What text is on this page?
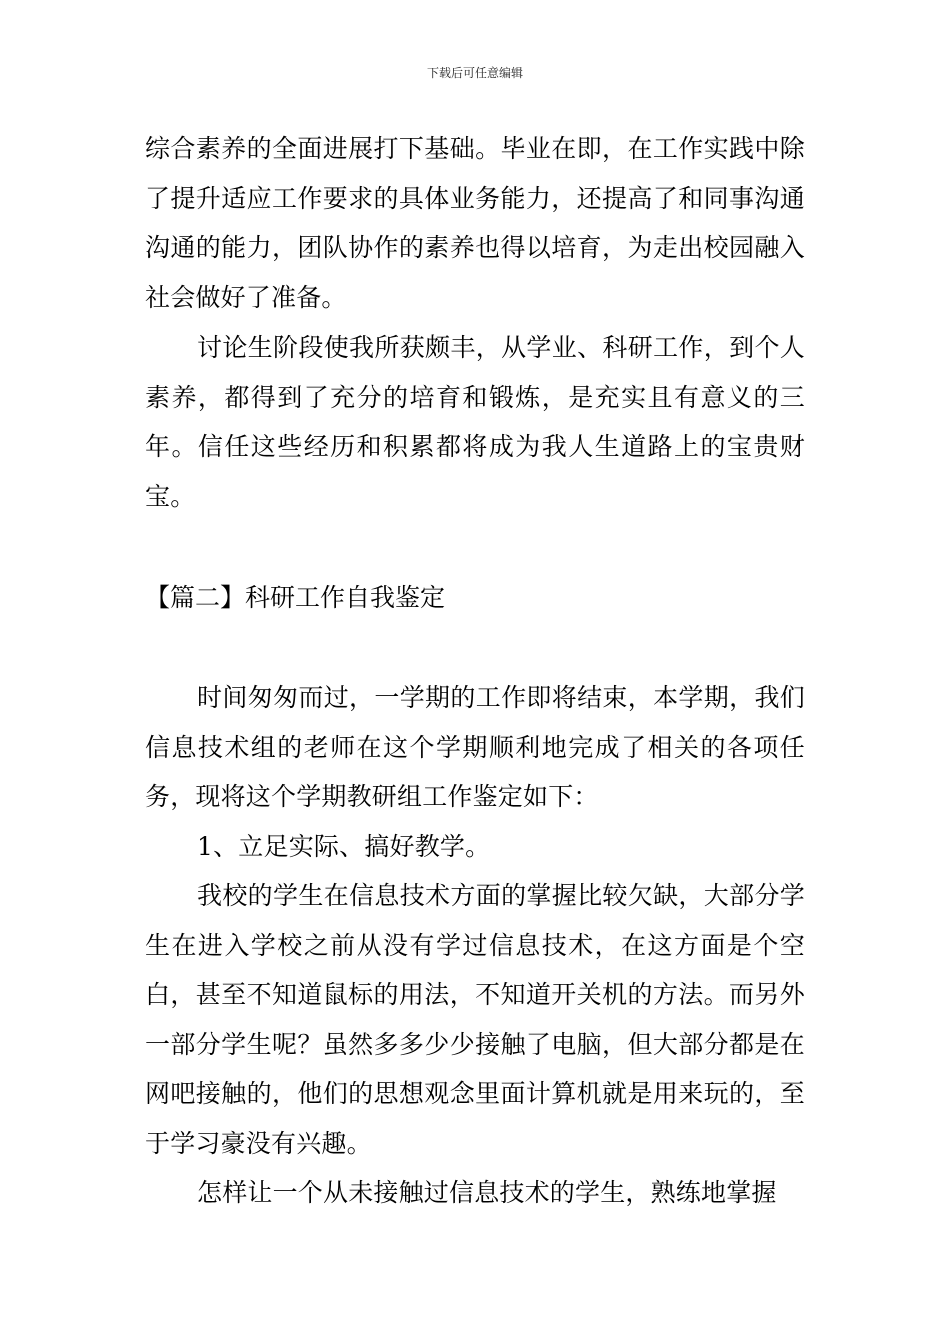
下载后可任意编辑

综合素养的全面进展打下基础。毕业在即，在工作实践中除了提升适应工作要求的具体业务能力，还提高了和同事沟通沟通的能力，团队协作的素养也得以培育，为走出校园融入社会做好了准备。

讨论生阶段使我所获颇丰，从学业、科研工作，到个人素养，都得到了充分的培育和锻炼，是充实且有意义的三年。信任这些经历和积累都将成为我人生道路上的宝贵财宝。

【篇二】科研工作自我鉴定

时间匆匆而过，一学期的工作即将结束，本学期，我们信息技术组的老师在这个学期顺利地完成了相关的各项任务，现将这个学期教研组工作鉴定如下：

1、立足实际、搞好教学。

我校的学生在信息技术方面的掌握比较欠缺，大部分学生在进入学校之前从没有学过信息技术，在这方面是个空白，甚至不知道鼠标的用法，不知道开关机的方法。而另外一部分学生呢？虽然多多少少接触了电脑，但大部分都是在网吧接触的，他们的思想观念里面计算机就是用来玩的，至于学习豪没有兴趣。

怎样让一个从未接触过信息技术的学生，熟练地掌握
